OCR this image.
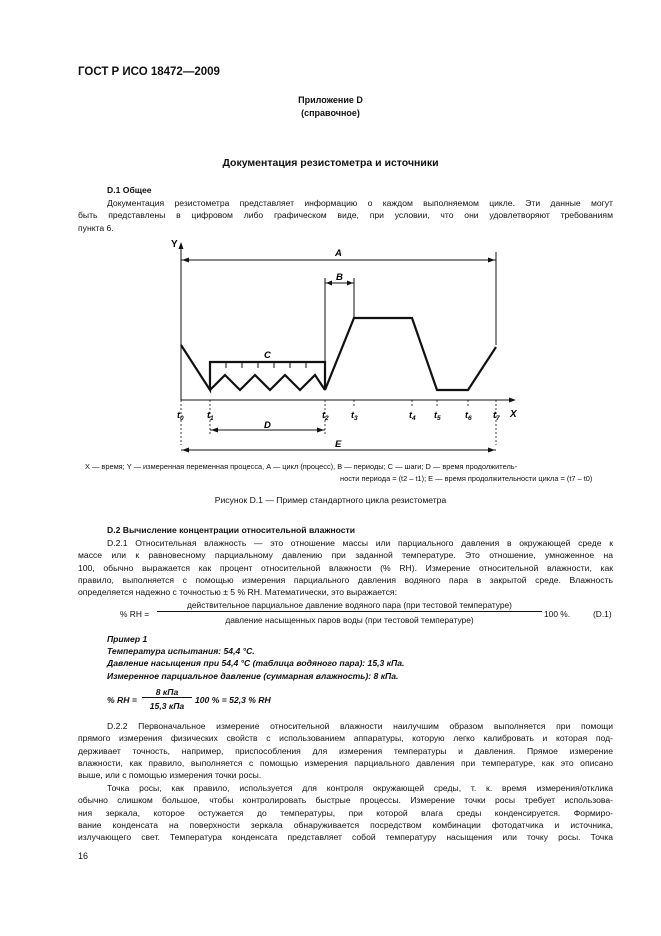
ГОСТ Р ИСО 18472—2009
Приложение D
(справочное)
Документация резистометра и источники
D.1 Общее
Документация резистометра представляет информацию о каждом выполняемом цикле. Эти данные могут
быть представлены в цифровом либо графическом виде, при условии, что они удовлетворяют требованиям
пункта 6.
Y
X
A
B
C
$t_0$	$t_1$	$t_2$ $t_3$	$t_4$ $t_5$	$t_6$ $t_7$
D
E
X — время; Y — измеренная переменная процесса, A — цикл (процесс), B — периоды; C — шаги; D — время продолжитель-
ности периода = (t2 – t1); E — время продолжительности цикла = (t7 – t0)
Рисунок D.1 — Пример стандартного цикла резистометра
D.2 Вычисление концентрации относительной влажности
D.2.1 Относительная влажность — это отношение массы или парциального давления в окружающей среде к
массе или к равновесному парциальному давлению при заданной температуре. Это отношение, умноженное на
100, обычно выражается как процент относительной влажности (% RH). Измерение относительной влажности, как
правило, выполняется с помощью измерения парциального давления водяного пара в закрытой среде. Влажность
определяется надежно с точностью ± 5 % RH. Математически, это выражается:
% RH =
действительное парциальное давление водяного пара (при тестовой температуре)
давление насыщенных паров воды (при тестовой температуре)
100 %.	(D.1)
Пример 1
Температура испытания: 54,4 °C.
Давление насыщения при 54,4 °C (таблица водяного пара): 15,3 кПа.
Измеренное парциальное давление (суммарная влажность): 8 кПа.
% RH =
8 кПа
15,3 кПа
100 % = 52,3 % RH
D.2.2 Первоначальное измерение относительной влажности наилучшим образом выполняется при помощи
прямого измерения физических свойств с использованием аппаратуры, которую легко калибровать и которая под-
держивает точность, например, приспособления для измерения температуры и давления. Прямое измерение
влажности, как правило, выполняется с помощью измерения парциального давления при температуре, как это описано
выше, или с помощью измерения точки росы.
Точка росы, как правило, используется для контроля окружающей среды, т. к. время измерения/отклика
обычно слишком большое, чтобы контролировать быстрые процессы. Измерение точки росы требует использова-
ния зеркала, которое остужается до температуры, при которой влага среды конденсируется. Формиро-
вание конденсата на поверхности зеркала обнаруживается посредством комбинации фотодатчика и источника,
излучающего свет. Температура конденсата представляет собой температуру насыщения или точку росы. Точка
16
